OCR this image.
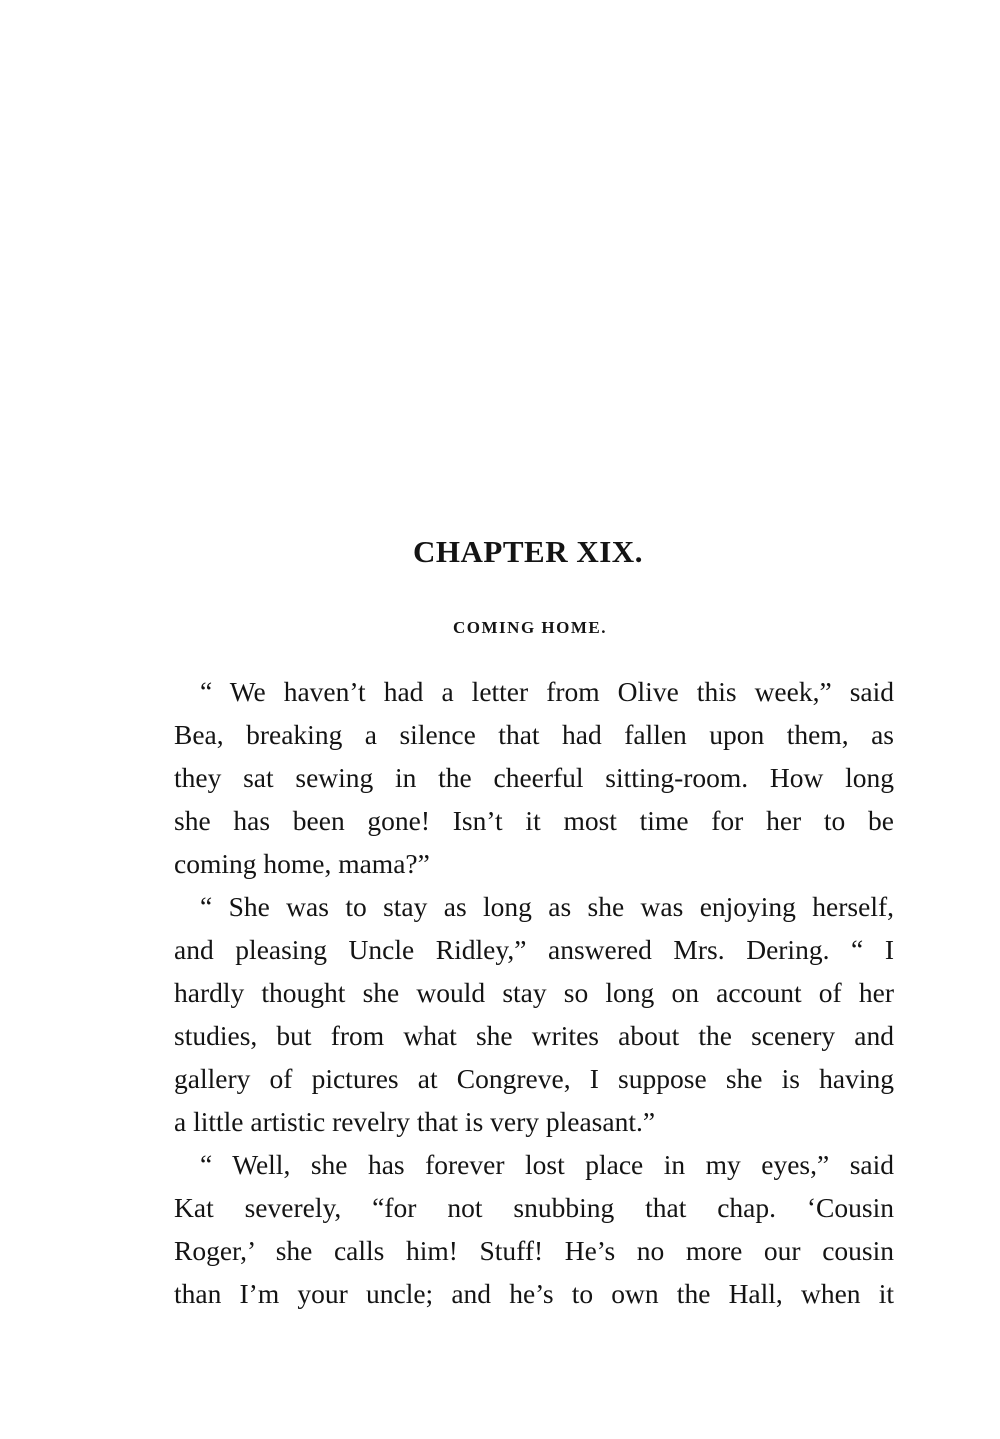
CHAPTER XIX.
COMING HOME.
“ We haven’t had a letter from Olive this week,” said
Bea, breaking a silence that had fallen upon them, as
they sat sewing in the cheerful sitting-room. How long
she has been gone! Isn’t it most time for her to be
coming home, mama?”
“ She was to stay as long as she was enjoying herself,
and pleasing Uncle Ridley,” answered Mrs. Dering. “ I
hardly thought she would stay so long on account of her
studies, but from what she writes about the scenery and
gallery of pictures at Congreve, I suppose she is having
a little artistic revelry that is very pleasant.”
“ Well, she has forever lost place in my eyes,” said
Kat severely, “for not snubbing that chap. ‘Cousin
Roger,’ she calls him! Stuff! He’s no more our cousin
than I’m your uncle; and he’s to own the Hall, when it
